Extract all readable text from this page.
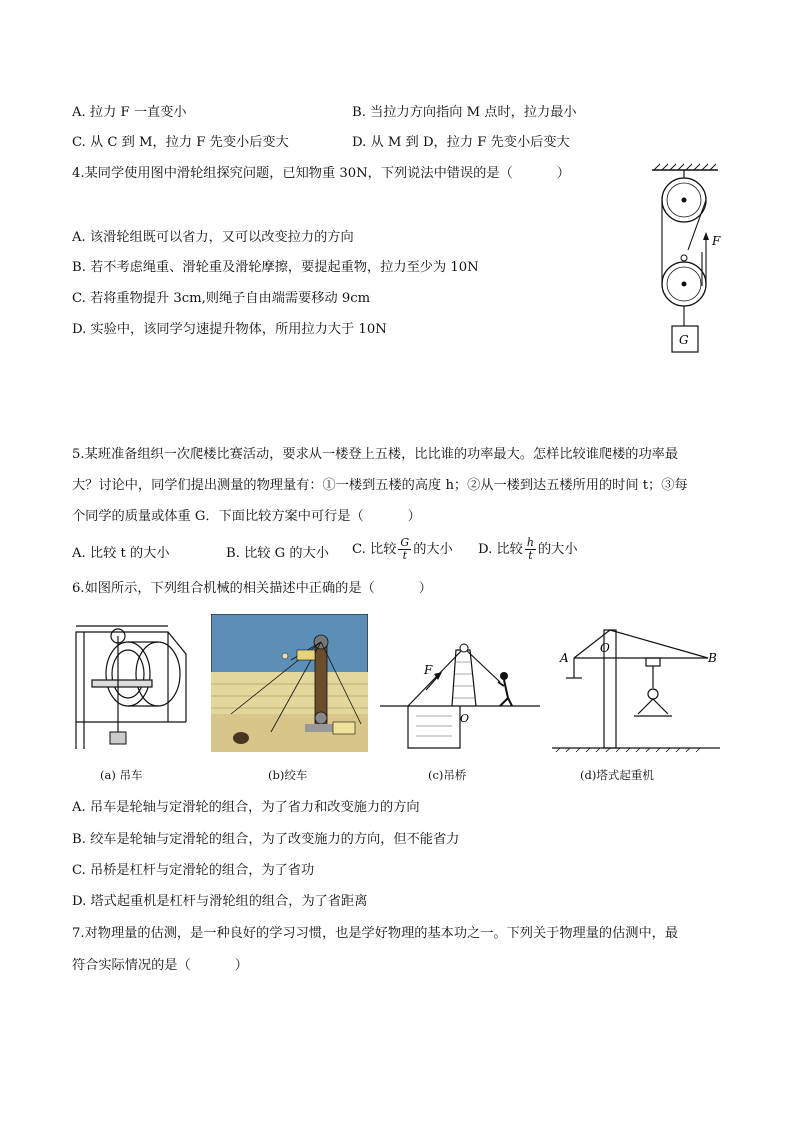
A. 拉力 F 一直变小	B. 当拉力方向指向 M 点时，拉力最小
C. 从 C 到 M，拉力 F 先变小后变大	D. 从 M 到 D，拉力 F 先变小后变大
4.某同学使用图中滑轮组探究问题，已知物重 30N，下列说法中错误的是（	）
A. 该滑轮组既可以省力，又可以改变拉力的方向
B. 若不考虑绳重、滑轮重及滑轮摩擦，要提起重物，拉力至少为 10N
C. 若将重物提升 3cm,则绳子自由端需要移动 9cm
D. 实验中，该同学匀速提升物体，所用拉力大于 10N
F
G
5.某班准备组织一次爬楼比赛活动，要求从一楼登上五楼，比比谁的功率最大。怎样比较谁爬楼的功率最
大？讨论中，同学们提出测量的物理量有：①一楼到五楼的高度 h；②从一楼到达五楼所用的时间 t；③每
个同学的质量或体重 G．下面比较方案中可行是（	）
A. 比较 t 的大小	B. 比较 G 的大小 C. 比较 $\frac{G}{t}$ 的大小 D. 比较 $\frac{h}{t}$ 的大小
6.如图所示，下列组合机械的相关描述中正确的是（	）
(a) 吊车	(b)绞车
F
O
(c)吊桥
A
O
B
(d)塔式起重机
A. 吊车是轮轴与定滑轮的组合，为了省力和改变施力的方向
B. 绞车是轮轴与定滑轮的组合，为了改变施力的方向，但不能省力
C. 吊桥是杠杆与定滑轮的组合，为了省功
D. 塔式起重机是杠杆与滑轮组的组合，为了省距离
7.对物理量的估测，是一种良好的学习习惯，也是学好物理的基本功之一。下列关于物理量的估测中，最
符合实际情况的是（	）
